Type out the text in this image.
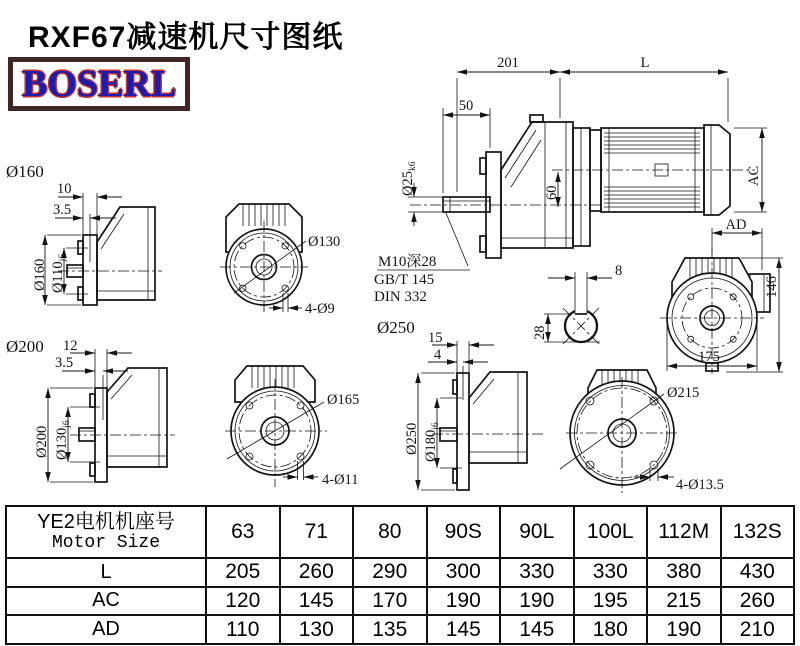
201	L
50
$Ø25_{k6}$
60
AC
M10深28
GB/T 145
DIN 332
Ø160
10
3.5
Ø160 $Ø110_{j6}$
Ø130
4-Ø9
8
28
AD
146
175
Ø200 12
3.5
Ø200 $Ø130_{j6}$
Ø165
4-Ø11
Ø250
15
4
Ø250 $Ø180_{j6}$
Ø215
4-Ø13.5
RXF67减速机尺寸图纸
BOSERL
YE2电机机座号
Motor Size	63	71	80	90S	90L	100L	112M	132S
L	205	260	290	300	330	330	380	430
AC	120	145	170	190	190	195	215	260
AD	110	130	135	145	145	180	190	210
